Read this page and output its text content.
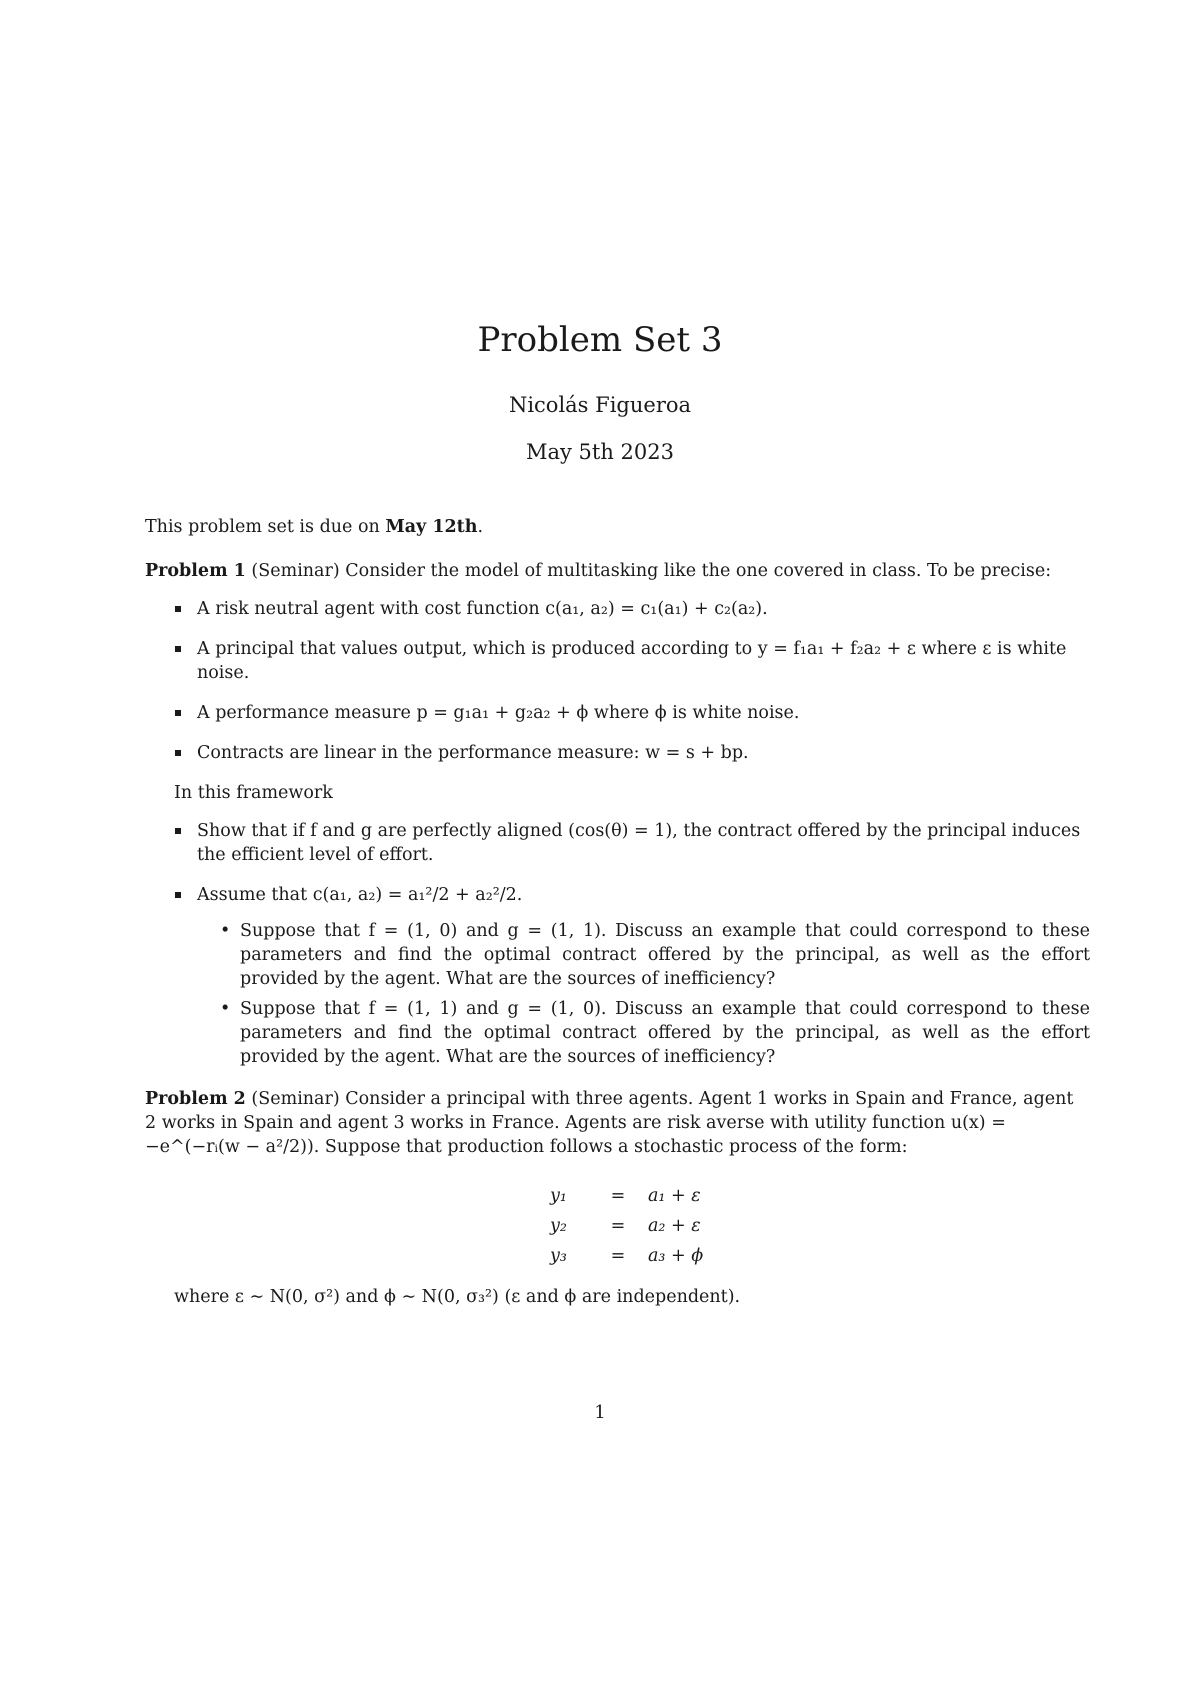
Problem Set 3
Nicolás Figueroa
May 5th 2023

This problem set is due on May 12th.

Problem 1 (Seminar) Consider the model of multitasking like the one covered in class. To be precise:

A risk neutral agent with cost function c(a₁, a₂) = c₁(a₁) + c₂(a₂).
A principal that values output, which is produced according to y = f₁a₁ + f₂a₂ + ε where ε is white noise.
A performance measure p = g₁a₁ + g₂a₂ + ϕ where ϕ is white noise.
Contracts are linear in the performance measure: w = s + bp.

In this framework

Show that if f and g are perfectly aligned (cos(θ) = 1), the contract offered by the principal induces the efficient level of effort.
Assume that c(a₁, a₂) = a₁²/2 + a₂²/2.
• Suppose that f = (1, 0) and g = (1, 1). Discuss an example that could correspond to these parameters and find the optimal contract offered by the principal, as well as the effort provided by the agent. What are the sources of inefficiency?
• Suppose that f = (1, 1) and g = (1, 0). Discuss an example that could correspond to these parameters and find the optimal contract offered by the principal, as well as the effort provided by the agent. What are the sources of inefficiency?

Problem 2 (Seminar) Consider a principal with three agents. Agent 1 works in Spain and France, agent 2 works in Spain and agent 3 works in France. Agents are risk averse with utility function u(x) = −e^(−rᵢ(w − a²/2)). Suppose that production follows a stochastic process of the form:

y₁	=	a₁ + ε
y₂	=	a₂ + ε
y₃	=	a₃ + ϕ

where ε ∼ N(0, σ²) and ϕ ∼ N(0, σ₃²) (ε and ϕ are independent).

1
